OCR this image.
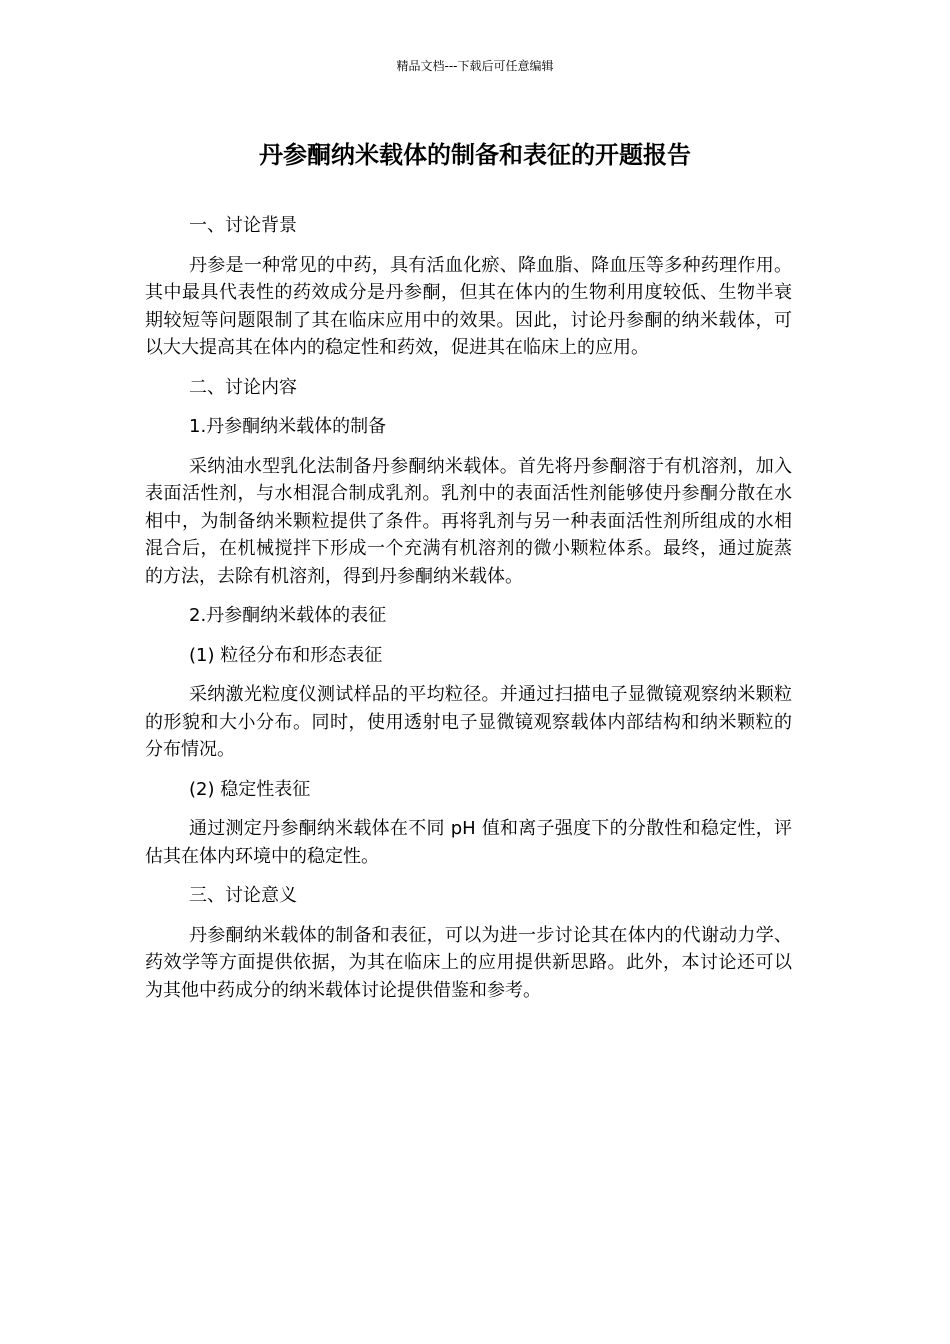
精品文档---下载后可任意编辑
丹参酮纳米载体的制备和表征的开题报告

一、讨论背景

丹参是一种常见的中药，具有活血化瘀、降血脂、降血压等多种药理作用。其中最具代表性的药效成分是丹参酮，但其在体内的生物利用度较低、生物半衰期较短等问题限制了其在临床应用中的效果。因此，讨论丹参酮的纳米载体，可以大大提高其在体内的稳定性和药效，促进其在临床上的应用。

二、讨论内容

1.丹参酮纳米载体的制备

采纳油水型乳化法制备丹参酮纳米载体。首先将丹参酮溶于有机溶剂，加入表面活性剂，与水相混合制成乳剂。乳剂中的表面活性剂能够使丹参酮分散在水相中，为制备纳米颗粒提供了条件。再将乳剂与另一种表面活性剂所组成的水相混合后，在机械搅拌下形成一个充满有机溶剂的微小颗粒体系。最终，通过旋蒸的方法，去除有机溶剂，得到丹参酮纳米载体。

2.丹参酮纳米载体的表征

(1) 粒径分布和形态表征

采纳激光粒度仪测试样品的平均粒径。并通过扫描电子显微镜观察纳米颗粒的形貌和大小分布。同时，使用透射电子显微镜观察载体内部结构和纳米颗粒的分布情况。

(2) 稳定性表征

通过测定丹参酮纳米载体在不同 pH 值和离子强度下的分散性和稳定性，评估其在体内环境中的稳定性。

三、讨论意义

丹参酮纳米载体的制备和表征，可以为进一步讨论其在体内的代谢动力学、药效学等方面提供依据，为其在临床上的应用提供新思路。此外，本讨论还可以为其他中药成分的纳米载体讨论提供借鉴和参考。
